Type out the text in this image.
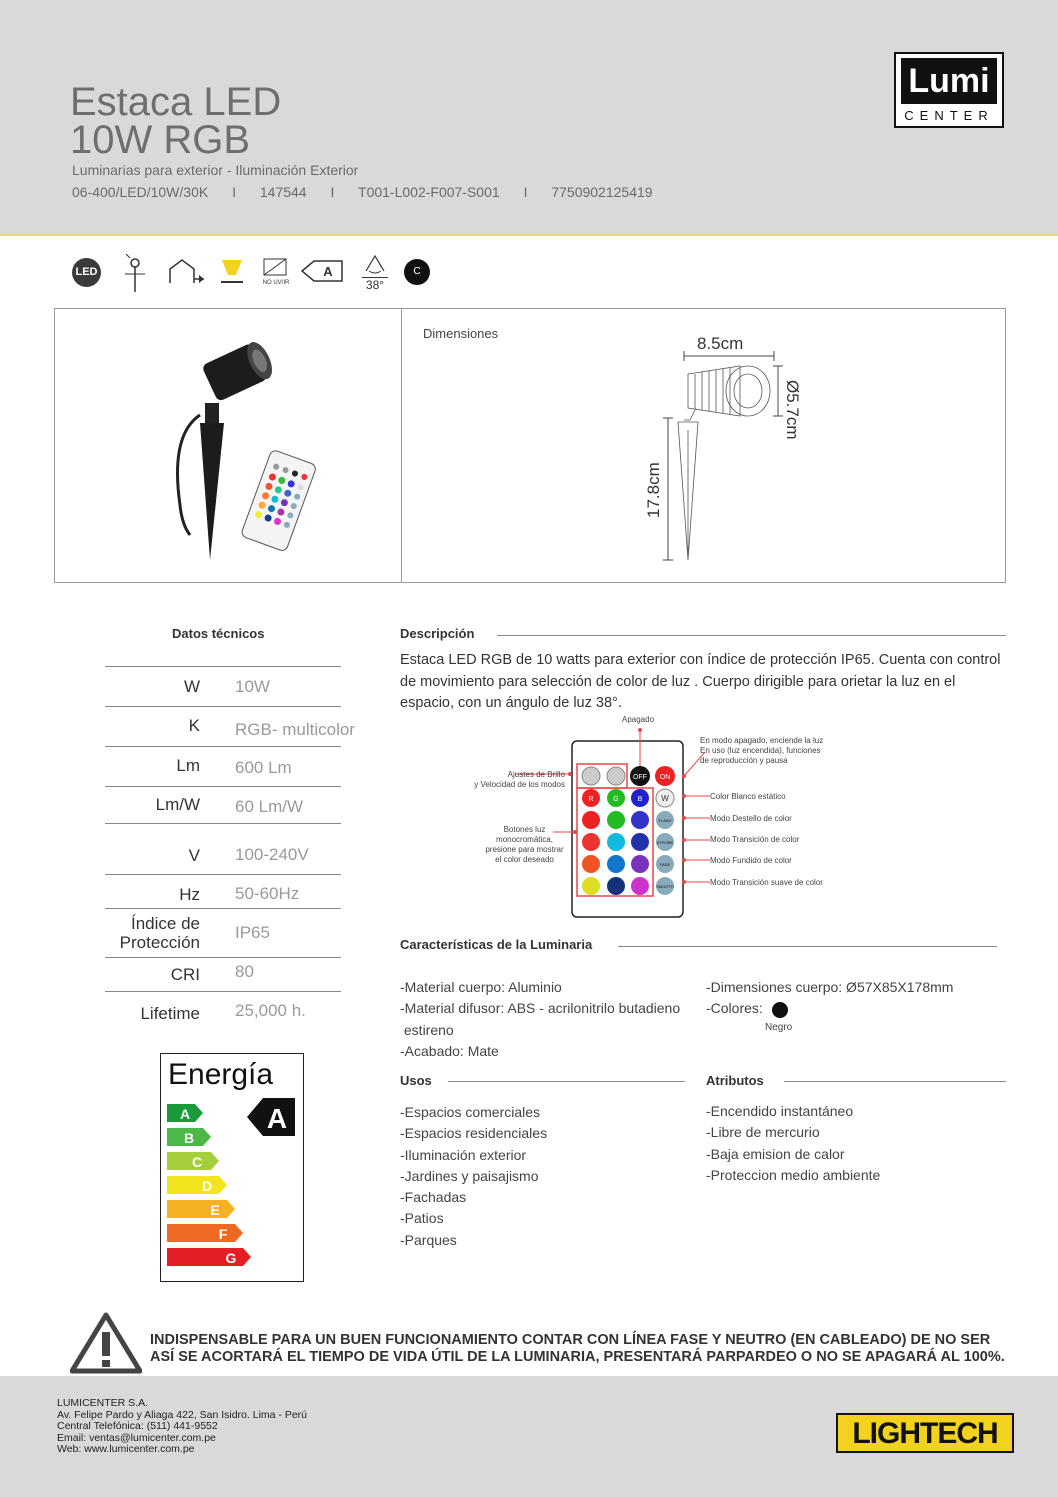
Estaca LED
10W RGB
Luminarias para exterior - Iluminación Exterior
06-400/LED/10W/30K I 147544 I T001-L002-F007-S001 I 7750902125419
Lumi
CENTER
LED
NO UV/IR
A
38°
C
Dimensiones
8.5cm
Ø5.7cm
17.8cm
Datos técnicos
W 10W
K RGB- multicolor
Lm 600 Lm
Lm/W 60 Lm/W
V 100-240V
Hz 50-60Hz
Índice de Protección
IP65
CRI 80
Lifetime 25,000 h.
Descripción
Estaca LED RGB de 10 watts para exterior con índice de protección IP65. Cuenta con control de movimiento para selección de color de luz . Cuerpo dirigible para orietar la luz en el espacio, con un ángulo de luz 38°.
OFF ON
R	G	B W
FLASH
STROBE
FADE
SMOOTH
Apagado
Ajustes de Brillo
y Velocidad de los modos
Botones luz
monocromática,
presione para mostrar
el color deseado
En modo apagado, enciende la luz
En uso (luz encendida), funciones
de reproducción y pausa
Color Blanco estático
Modo Destello de color
Modo Transición de color
Modo Fundido de color
Modo Transición suave de color
Características de la Luminaria
-Material cuerpo: Aluminio
-Material difusor: ABS - acrilonitrilo butadieno
estireno
-Acabado: Mate
-Dimensiones cuerpo: Ø57X85X178mm
-Colores:
Negro
Usos
-Espacios comerciales
-Espacios residenciales
-Iluminación exterior
-Jardines y paisajismo
-Fachadas
-Patios
-Parques
Atributos
-Encendido instantáneo
-Libre de mercurio
-Baja emision de calor
-Proteccion medio ambiente
Energía
A
B
C
D
E
F
G
A
INDISPENSABLE PARA UN BUEN FUNCIONAMIENTO CONTAR CON LÍNEA FASE Y NEUTRO (EN CABLEADO) DE NO SER ASÍ SE ACORTARÁ EL TIEMPO DE VIDA ÚTIL DE LA LUMINARIA, PRESENTARÁ PARPARDEO O NO SE APAGARÁ AL 100%.
LUMICENTER S.A.
Av. Felipe Pardo y Aliaga 422, San Isidro. Lima - Perú
Central Telefónica: (511) 441-9552
Email: ventas@lumicenter.com.pe
Web: www.lumicenter.com.pe	LIGHTECH
